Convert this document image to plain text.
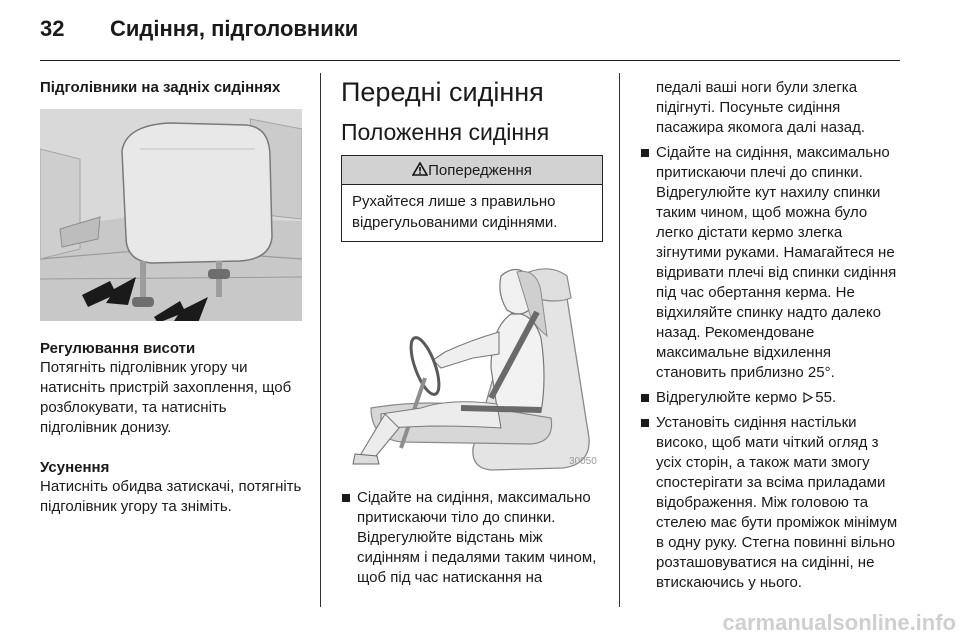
32 Сидіння, підголовники

Підголівники на задніх сидіннях

Регулювання висоти

Потягніть підголівник угору чи натисніть пристрій захоплення, щоб розблокувати, та натисніть підголівник донизу.

Усунення

Натисніть обидва затискачі, потягніть підголівник угору та зніміть.

Передні сидіння

Положення сидіння

Попередження
Рухайтеся лише з правильно відрегульованими сидіннями.
30050
Сідайте на сидіння, максимально притискаючи тіло до спинки. Відрегулюйте відстань між сидінням і педалями таким чином, щоб під час натискання на

педалі ваші ноги були злегка підігнуті. Посуньте сидіння пасажира якомога далі назад.

Сідайте на сидіння, максимально притискаючи плечі до спинки. Відрегулюйте кут нахилу спинки таким чином, щоб можна було легко дістати кермо злегка зігнутими руками. Намагайтеся не відривати плечі від спинки сидіння під час обертання керма. Не відхиляйте спинку надто далеко назад. Рекомендоване максимальне відхилення становить приблизно 25°.
Відрегулюйте кермо 55.
Установіть сидіння настільки високо, щоб мати чіткий огляд з усіх сторін, а також мати змогу спостерігати за всіма приладами відображення. Між головою та стелею має бути проміжок мінімум в одну руку. Стегна повинні вільно розташовуватися на сидінні, не втискаючись у нього.
carmanualsonline.info
